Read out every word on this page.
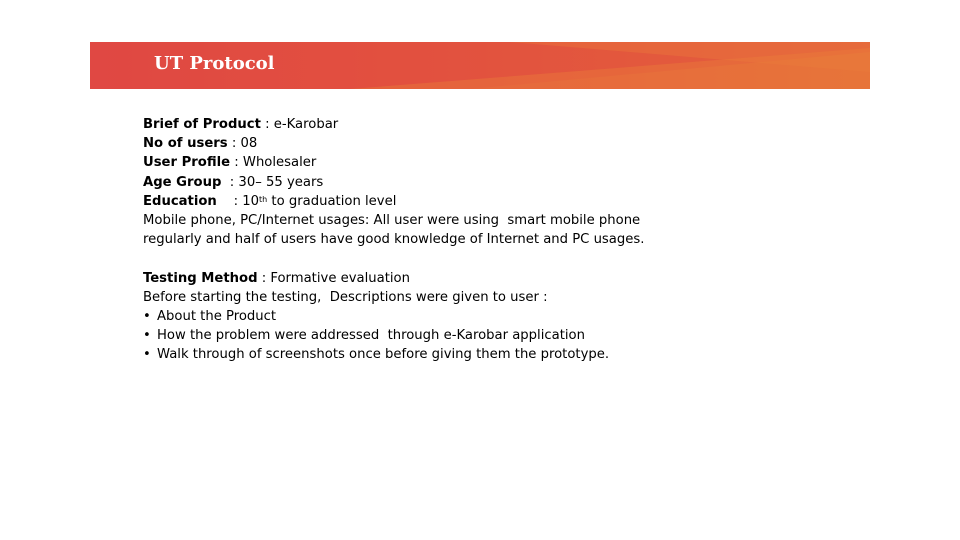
UT Protocol
Brief of Product : e-Karobar
No of users : 08
User Profile : Wholesaler
Age Group  : 30– 55 years
Education    : 10th to graduation level
Mobile phone, PC/Internet usages: All user were using  smart mobile phone
regularly and half of users have good knowledge of Internet and PC usages.
Testing Method : Formative evaluation
Before starting the testing,  Descriptions were given to user :
• About the Product
• How the problem were addressed  through e-Karobar application
• Walk through of screenshots once before giving them the prototype.
